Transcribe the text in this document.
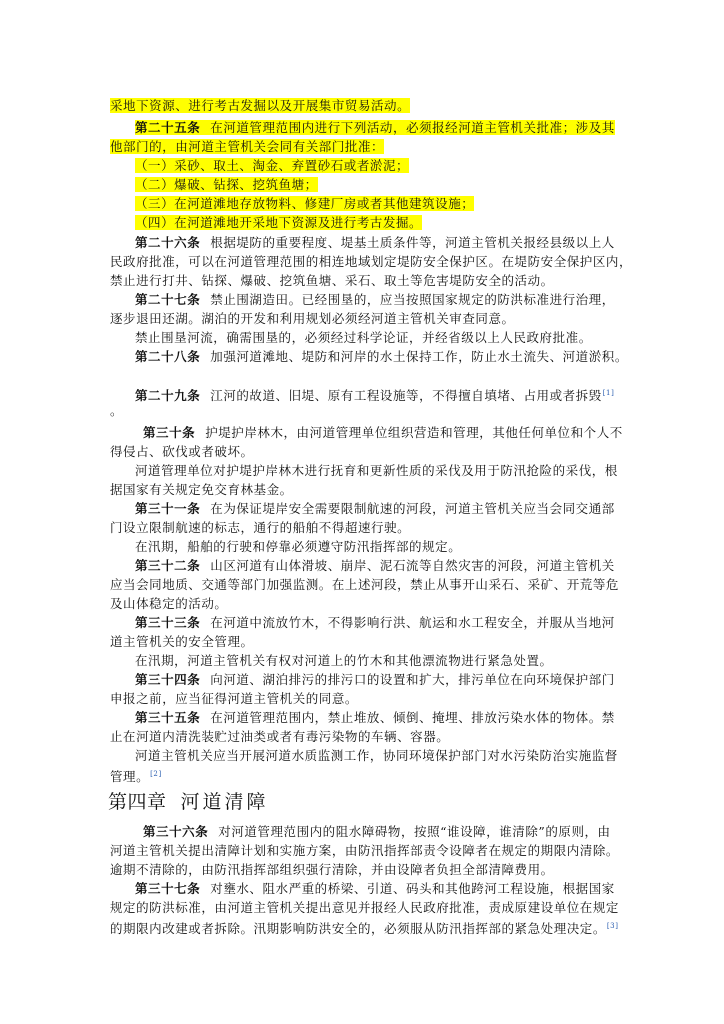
采地下资源、进行考古发掘以及开展集市贸易活动。
第二十五条 在河道管理范围内进行下列活动，必须报经河道主管机关批准；涉及其
他部门的，由河道主管机关会同有关部门批准：
（一）采砂、取土、淘金、弃置砂石或者淤泥；
（二）爆破、钻探、挖筑鱼塘；
（三）在河道滩地存放物料、修建厂房或者其他建筑设施；
（四）在河道滩地开采地下资源及进行考古发掘。
第二十六条 根据堤防的重要程度、堤基土质条件等，河道主管机关报经县级以上人
民政府批准，可以在河道管理范围的相连地域划定堤防安全保护区。在堤防安全保护区内，
禁止进行打井、钻探、爆破、挖筑鱼塘、采石、取土等危害堤防安全的活动。
第二十七条 禁止围湖造田。已经围垦的，应当按照国家规定的防洪标准进行治理，
逐步退田还湖。湖泊的开发和利用规划必须经河道主管机关审查同意。
禁止围垦河流，确需围垦的，必须经过科学论证，并经省级以上人民政府批准。
第二十八条 加强河道滩地、堤防和河岸的水土保持工作，防止水土流失、河道淤积。
第二十九条 江河的故道、旧堤、原有工程设施等，不得擅自填堵、占用或者拆毁[1]
。
第三十条 护堤护岸林木，由河道管理单位组织营造和管理，其他任何单位和个人不
得侵占、砍伐或者破坏。
河道管理单位对护堤护岸林木进行抚育和更新性质的采伐及用于防汛抢险的采伐，根
据国家有关规定免交育林基金。
第三十一条 在为保证堤岸安全需要限制航速的河段，河道主管机关应当会同交通部
门设立限制航速的标志，通行的船舶不得超速行驶。
在汛期，船舶的行驶和停靠必须遵守防汛指挥部的规定。
第三十二条 山区河道有山体滑坡、崩岸、泥石流等自然灾害的河段，河道主管机关
应当会同地质、交通等部门加强监测。在上述河段，禁止从事开山采石、采矿、开荒等危
及山体稳定的活动。
第三十三条 在河道中流放竹木，不得影响行洪、航运和水工程安全，并服从当地河
道主管机关的安全管理。
在汛期，河道主管机关有权对河道上的竹木和其他漂流物进行紧急处置。
第三十四条 向河道、湖泊排污的排污口的设置和扩大，排污单位在向环境保护部门
申报之前，应当征得河道主管机关的同意。
第三十五条 在河道管理范围内，禁止堆放、倾倒、掩埋、排放污染水体的物体。禁
止在河道内清洗装贮过油类或者有毒污染物的车辆、容器。
河道主管机关应当开展河道水质监测工作，协同环境保护部门对水污染防治实施监督
管理。[2]
第四章 河道清障
第三十六条 对河道管理范围内的阻水障碍物，按照“谁设障，谁清除”的原则，由
河道主管机关提出清障计划和实施方案，由防汛指挥部责令设障者在规定的期限内清除。
逾期不清除的，由防汛指挥部组织强行清除，并由设障者负担全部清障费用。
第三十七条 对壅水、阻水严重的桥梁、引道、码头和其他跨河工程设施，根据国家
规定的防洪标准，由河道主管机关提出意见并报经人民政府批准，责成原建设单位在规定
的期限内改建或者拆除。汛期影响防洪安全的，必须服从防汛指挥部的紧急处理决定。[3]
